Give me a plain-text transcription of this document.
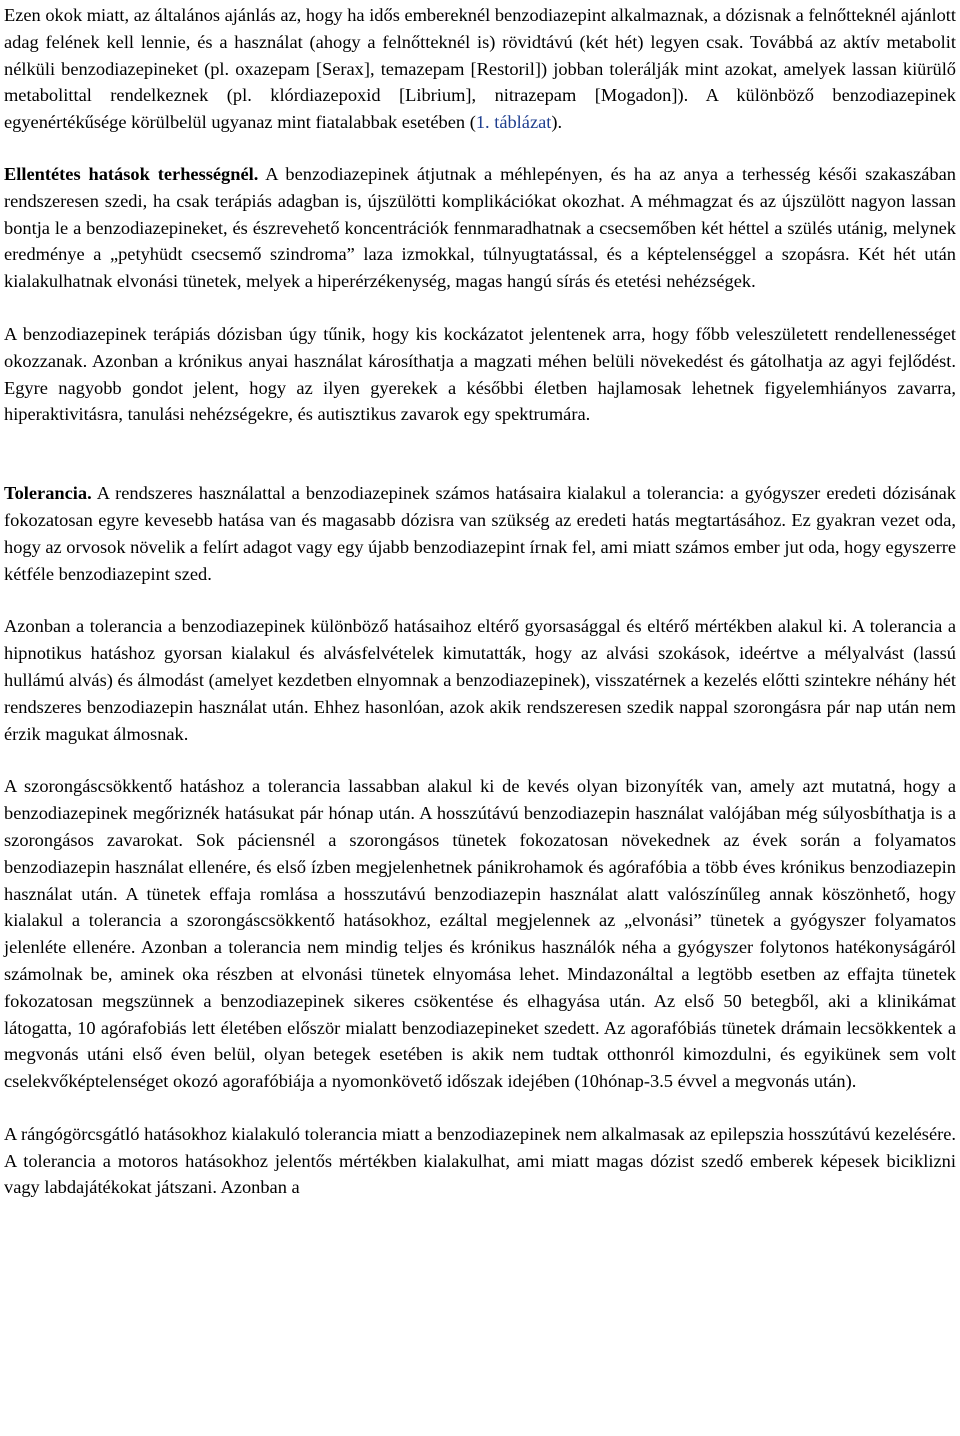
Ezen okok miatt, az általános ajánlás az, hogy ha idős embereknél benzodiazepint alkalmaznak, a dózisnak a felnőtteknél ajánlott adag felének kell lennie, és a használat (ahogy a felnőtteknél is) rövidtávú (két hét) legyen csak. Továbbá az aktív metabolit nélküli benzodiazepineket (pl. oxazepam [Serax], temazepam [Restoril]) jobban tolerálják mint azokat, amelyek lassan kiürülő metabolittal rendelkeznek (pl. klórdiazepoxid [Librium], nitrazepam [Mogadon]). A különböző benzodiazepinek egyenértékűsége körülbelül ugyanaz mint fiatalabbak esetében (1. táblázat).

Ellentétes hatások terhességnél. A benzodiazepinek átjutnak a méhlepényen, és ha az anya a terhesség késői szakaszában rendszeresen szedi, ha csak terápiás adagban is, újszülötti komplikációkat okozhat. A méhmagzat és az újszülött nagyon lassan bontja le a benzodiazepineket, és észrevehető koncentrációk fennmaradhatnak a csecsemőben két héttel a szülés utánig, melynek eredménye a „petyhüdt csecsemő szindroma” laza izmokkal, túlnyugtatással, és a képtelenséggel a szopásra. Két hét után kialakulhatnak elvonási tünetek, melyek a hiperérzékenység, magas hangú sírás és etetési nehézségek.

A benzodiazepinek terápiás dózisban úgy tűnik, hogy kis kockázatot jelentenek arra, hogy főbb veleszületett rendellenességet okozzanak. Azonban a krónikus anyai használat károsíthatja a magzati méhen belüli növekedést és gátolhatja az agyi fejlődést. Egyre nagyobb gondot jelent, hogy az ilyen gyerekek a későbbi életben hajlamosak lehetnek figyelemhiányos zavarra, hiperaktivitásra, tanulási nehézségekre, és autisztikus zavarok egy spektrumára.

Tolerancia. A rendszeres használattal a benzodiazepinek számos hatásaira kialakul a tolerancia: a gyógyszer eredeti dózisának fokozatosan egyre kevesebb hatása van és magasabb dózisra van szükség az eredeti hatás megtartásához. Ez gyakran vezet oda, hogy az orvosok növelik a felírt adagot vagy egy újabb benzodiazepint írnak fel, ami miatt számos ember jut oda, hogy egyszerre kétféle benzodiazepint szed.

Azonban a tolerancia a benzodiazepinek különböző hatásaihoz eltérő gyorsasággal és eltérő mértékben alakul ki. A tolerancia a hipnotikus hatáshoz gyorsan kialakul és alvásfelvételek kimutatták, hogy az alvási szokások, ideértve a mélyalvást (lassú hullámú alvás) és álmodást (amelyet kezdetben elnyomnak a benzodiazepinek), visszatérnek a kezelés előtti szintekre néhány hét rendszeres benzodiazepin használat után. Ehhez hasonlóan, azok akik rendszeresen szedik nappal szorongásra pár nap után nem érzik magukat álmosnak.

A szorongáscsökkentő hatáshoz a tolerancia lassabban alakul ki de kevés olyan bizonyíték van, amely azt mutatná, hogy a benzodiazepinek megőriznék hatásukat pár hónap után. A hosszútávú benzodiazepin használat valójában még súlyosbíthatja is a szorongásos zavarokat. Sok páciensnél a szorongásos tünetek fokozatosan növekednek az évek során a folyamatos benzodiazepin használat ellenére, és első ízben megjelenhetnek pánikrohamok és agórafóbia a több éves krónikus benzodiazepin használat után. A tünetek effaja romlása a hosszutávú benzodiazepin használat alatt valószínűleg annak köszönhető, hogy kialakul a tolerancia a szorongáscsökkentő hatásokhoz, ezáltal megjelennek az „elvonási” tünetek a gyógyszer folyamatos jelenléte ellenére. Azonban a tolerancia nem mindig teljes és krónikus használók néha a gyógyszer folytonos hatékonyságáról számolnak be, aminek oka részben at elvonási tünetek elnyomása lehet. Mindazonáltal a legtöbb esetben az effajta tünetek fokozatosan megszünnek a benzodiazepinek sikeres csökentése és elhagyása után. Az első 50 betegből, aki a klinikámat látogatta, 10 agórafobiás lett életében először mialatt benzodiazepineket szedett. Az agorafóbiás tünetek drámain lecsökkentek a megvonás utáni első éven belül, olyan betegek esetében is akik nem tudtak otthonról kimozdulni, és egyikünek sem volt cselekvőképtelenséget okozó agorafóbiája a nyomonkövető időszak idejében (10hónap-3.5 évvel a megvonás után).

A rángógörcsgátló hatásokhoz kialakuló tolerancia miatt a benzodiazepinek nem alkalmasak az epilepszia hosszútávú kezelésére. A tolerancia a motoros hatásokhoz jelentős mértékben kialakulhat, ami miatt magas dózist szedő emberek képesek biciklizni vagy labdajátékokat játszani. Azonban a
